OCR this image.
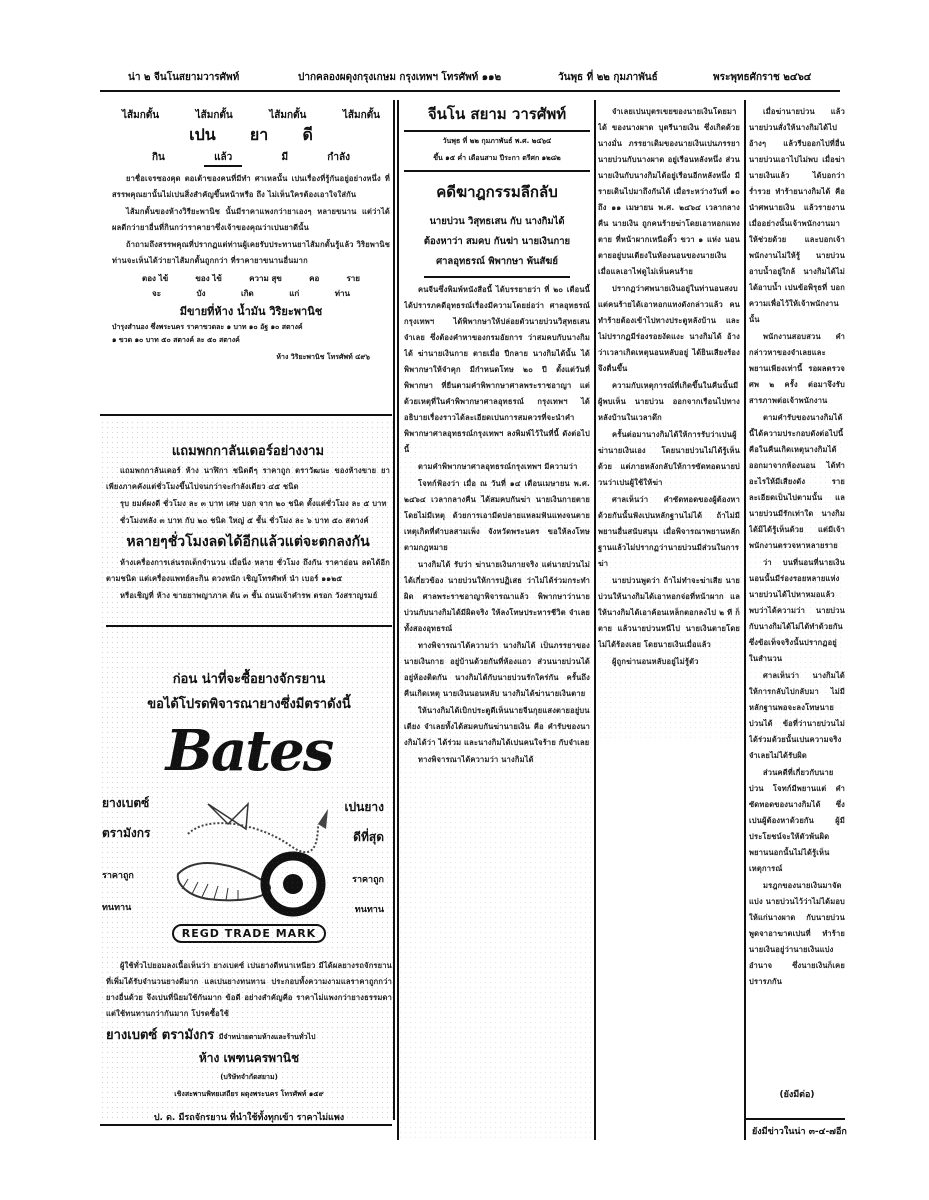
น่า ๒ จีนโนสยามวารศัพท์	ปากคลองผดุงกรุงเกษม กรุงเทพฯ โทรศัพท์ ๑๑๒	วันพุธ ที่ ๒๒ กุมภาพันธ์	พระพุทธศักราช ๒๔๖๔
ไส้มกตั้น	ไส้มกตั้น	ไส้มกตั้น	ไส้มกตั้น
เปน ยา ดี
กิน	แล้ว	มี	กำลัง

ยาชื่อเจรซองคุด ตอเต้าของคนที่มีทำ ศาเหลนั้น เปนเรื่องที่รู้กันอยู่อย่างหนึ่ง ที่สรรพคุณยานั้นไม่เปนสิ่งสำคัญขึ้นหน้าหรือ ถึง ไม่เห็นใครต้องเอาใจใส่กัน

ไส้มกตั้นของห้างวิรียะพานิช นั้นมีราคาแพงกว่ายาเองๆ หลายขนาน แต่ว่าได้ผลดีกว่ายาอื่นที่กินกว่าราคายาซึ่งเจ้าของคุณว่าเปนยาดีนั้น

ถ้าถามถึงสรรพคุณที่ปรากฏแต่ท่านผู้เคยรับประทานยาไส้มกตั้นรู้แล้ว วิริยพานิช ท่านจะเห็นได้ว่ายาไส้มกตั้นถูกกว่า ที่ราคายาขนานอื่นมาก

ตอง ไข้	ของ ไข้	ความ สุข	คอ	ราย
จะ	บัง	เกิด	แก่	ท่าน
มีขายที่ห้าง น้ำมัน วิริยะพานิช
บำรุงสำนอง ซึ่งพระนคร ราคาขวดละ ๑ บาท ๑๐ อัฐ ๑๐ สตางค์
๑ ขวด ๑๐ บาท ๕๐ สตางค์ ละ ๕๐ สตางค์
ห้าง วิริยะพานิช โทรศัพท์ ๔๙๖
แถมพกกาลันเดอร์อย่างงาม

แถมพกกาลันเดอร์ ห้าง นาฬิกา ชนิดดีๆ ราคาถูก ตราวัฒนะ ของห้างขาย ยาเพียงภาคคังแต่ชั่วโมงขึ้นไปจนกว่าจะกำลังเดียว ๔๕ ชนิด

รุบ ยมต์ผงดี ชั่วโมง ละ ๓ บาท เศษ บอก จาก ๒๐ ชนิด ตั้งแต่ชั่วโมง ละ ๕ บาท

ชั่วโมงหลัง ๓ บาท กับ ๒๐ ชนิด ใหญ่ ๕ ชั้น ชั่วโมง ละ ๖ บาท ๕๐ สตางค์

หลายๆชั่วโมงลดได้อีกแล้วแต่จะตกลงกัน

ห้างเครื่องการเล่นรถเด็กจำนวน เมื่อนิ่ง หลาย ชั่วโมง ถึงกัน ราคาอ่อน ลดได้อีกตามชนิด แต่เครื่องแพทย์ละกิน ดวงหนัก เชิญโทรศัพท์ นำ เบอร์ ๑๑๒๕

หรือเชิญที่ ห้าง ขายยาพญาภาค ต้น ๓ ชั้น ถนนเจ้าคำรพ ตรอก วังสราญรมย์

ก่อน น่าที่จะซื้อยางจักรยาน
ขอได้โปรดพิจารณายางซึ่งมีตราดังนี้
Bates
ยางเบตซ์
ตรามังกร
ราคาถูก
ทนทาน
เปนยาง
ดีที่สุด
ราคาถูก
ทนทาน
REGD TRADE MARK

ผู้ใช้ทั่วไปยอมลงเนื้อเห็นว่า ยางเบตซ์ เปนยางดีหนาเหนียว มีได้ผลยางรถจักรยานที่เพิ่มได้รับจำนวนยางดีมาก แลเปนยางทนทาน ประกอบทั้งความงามแลราคาถูกกว่ายางอื่นด้วย จึงเปนที่นิยมใช้กันมาก ข้อดี อย่างสำคัญคือ ราคาไม่แพงกว่ายางธรรมดา แต่ใช้ทนทานกว่ากันมาก โปรดซื้อใช้

ยางเบตซ์ ตรามังกร มีจำหน่ายตามห้างและร้านทั่วไป
ห้าง เพฑนครพานิช
(บริษัทจำกัดสยาม)
เชิงสะพานพิทยเสถียร ผดุงพระนคร โทรศัพท์ ๑๕๙
ป. ด. มีรถจักรยาน ที่นำใช้ทั้งทุกเข้า ราคาไม่แพง
จีนโน สยาม วารศัพท์
วันพุธ ที่ ๒๒ กุมภาพันธ์ พ.ศ. ๒๔๖๔
ขึ้น ๑๕ ค่ำ เดือนสาม ปีระกา ตรีศก ๑๒๘๒
คดีฆาฎกรรมลึกลับ
นายบ่วน วิสุทธเสน กับ นางกิมได้
ต้องหาว่า สมคบ กันฆ่า นายเงินกาย
ศาลอุทธรณ์ พิพากษา พ้นสัฆย์

คนจีนซึ่งพิมพ์หนังสือนี้ ได้บรรยายว่า ที่ ๒๐ เดือนนี้ ได้ปรารภคดีอุทธรณ์เรื่องมีความโดยย่อว่า ศาลอุทธรณ์กรุงเทพฯ ได้พิพากษาให้ปล่อยตัวนายบ่วนวิสุทธเสน จำเลย ซึ่งต้องคำหาของกรมอัยการ ว่าสมคบกับนางกิมได้ ฆ่านายเงินกาย ตายเมื่อ ปีกลาย นางกิมได้นั้น ได้พิพากษาให้จำคุก มีกำหนดโทษ ๒๐ ปี ตั้งแต่วันที่พิพากษา ที่ยืนตามคำพิพากษาศาลพระราชอาญา แต่ด้วยเหตุที่ในคำพิพากษาศาลอุทธรณ์ กรุงเทพฯ ได้อธิบายเรื่องราวได้ละเอียดเปนการสมควรที่จะนำคำพิพากษาศาลอุทธรณ์กรุงเทพฯ ลงพิมพ์ไว้ในที่นี้ ดังต่อไปนี้

ตามคำพิพากษาศาลอุทธรณ์กรุงเทพฯ มีความว่า

โจทก์ฟ้องว่า เมื่อ ณ วันที่ ๑๔ เดือนเมษายน พ.ศ. ๒๔๖๔ เวลากลางคืน ได้สมคบกันฆ่า นายเงินกายตายโดยไม่มีเหตุ ด้วยการเอามีดปลายแหลมฟันแทงจนตาย เหตุเกิดที่ตำบลสามเพ็ง จังหวัดพระนคร ขอให้ลงโทษตามกฎหมาย

นางกิมได้ รับว่า ฆ่านายเงินกายจริง แต่นายบ่วนไม่ได้เกี่ยวข้อง นายบ่วนให้การปฏิเสธ ว่าไม่ได้ร่วมกระทำผิด ศาลพระราชอาญาพิจารณาแล้ว พิพากษาว่านายบ่วนกับนางกิมได้มีผิดจริง ให้ลงโทษประหารชีวิต จำเลยทั้งสองอุทธรณ์

ทางพิจารณาได้ความว่า นางกิมได้ เป็นภรรยาของนายเงินกาย อยู่บ้านด้วยกันที่ห้องแถว ส่วนนายบ่วนได้อยู่ห้องติดกัน นางกิมได้กับนายบ่วนรักใคร่กัน ครั้นถึงคืนเกิดเหตุ นายเงินนอนหลับ นางกิมได้ฆ่านายเงินตาย

ให้นางกิมได้เบิกประตูดีเห็นนายจีนกุยแสงตายอยู่บนเตียง จำเลยทั้งได้สมคบกันฆ่านายเงิน คือ คำรับของนางกิมได้ว่า ได้ร่วม และนางกิมได้เปนคนใจร้าย กับจำเลย

ทางพิจารณาได้ความว่า นางกิมได้

จำเลยเปนบุตรเขยของนายเงินโดยมาได้ ของนางผาด บุตรีนายเงิน ซึ่งเกิดด้วยนางมั่น ภรรยาเดิมของนายเงินเปนภรรยา นายบ่วนกับนางผาด อยู่เรือนหลังหนึ่ง ส่วนนายเงินกับนางกิมได้อยู่เรือนอีกหลังหนึ่ง มีรายเดินไปมาถึงกันได้ เมื่อระหว่างวันที่ ๑๐ ถึง ๑๑ เมษายน พ.ศ. ๒๔๖๔ เวลากลางคืน นายเงิน ถูกคนร้ายฆ่าโดยเอาหอกแทงตาย ที่หน้าผากเหนือคิ้ว ขวา ๑ แห่ง นอนตายอยู่บนเตียงในห้องนอนของนายเงิน เมื่อแลเอาไฟดูไม่เห็นคนร้าย

ปรากฏว่าศพนายเงินอยู่ในท่านอนสงบ แต่คนร้ายได้เอาหอกแทงดังกล่าวแล้ว คนทำร้ายต้องเข้าไปทางประตูหลังบ้าน และไม่ปรากฏมีร่องรอยงัดแงะ นางกิมได้ อ้างว่าเวลาเกิดเหตุนอนหลับอยู่ ได้ยินเสียงร้องจึงตื่นขึ้น

ความกับเหตุการณ์ที่เกิดขึ้นในคืนนั้นมีผู้พบเห็น นายบ่วน ออกจากเรือนไปทางหลังบ้านในเวลาดึก

ครั้นต่อมานางกิมได้ให้การรับว่าเปนผู้ฆ่านายเงินเอง โดยนายบ่วนไม่ได้รู้เห็นด้วย แต่ภายหลังกลับให้การซัดทอดนายบ่วนว่าเปนผู้ใช้ให้ฆ่า

ศาลเห็นว่า คำซัดทอดของผู้ต้องหาด้วยกันนั้นฟังเปนหลักฐานไม่ได้ ถ้าไม่มีพยานอื่นสนับสนุน เมื่อพิจารณาพยานหลักฐานแล้วไม่ปรากฏว่านายบ่วนมีส่วนในการฆ่า

นายบ่วนพูดว่า ถ้าไม่ทำจะฆ่าเสีย นายบ่วนให้นางกิมได้เอาหอกจ่อที่หน้าผาก แลให้นางกิมได้เอาค้อนเหล็กตอกลงไป ๒ ที ก็ตาย แล้วนายบ่วนหนีไป นายเงินตายโดยไม่ได้ร้องเลย โดยนายเงินเมื่อแล้ว

ผู้ถูกฆ่านอนหลับอยู่ไม่รู้ตัว

เมื่อฆ่านายบ่วน แล้วนายบ่วนสั่งให้นางกิมได้ไปอ้างๆ แล้วรีบออกไปที่อื่น นายบ่วนเอาไปไม่พบ เมื่อฆ่านายเงินแล้ว ได้บอกว่า ร่ำรวย ทำร้ายนางกิมได้ คือนำศพนายเงิน แล้วรายงาน เมื่ออย่างนั้นเจ้าพนักงานมาให้ช่วยด้วย และบอกเจ้าพนักงานไม่ให้รู้ นายบ่วนอาบน้ำอยู่ใกล้ นางกิมได้ไม่ได้อาบน้ำ เปนข้อพิรุธที่ บอกความเพื่อไว้ให้เจ้าพนักงานนั้น

พนักงานสอบสวน คำกล่าวหาของจำเลยและพยานเพียงเท่านี้ รอผลตรวจศพ ๒ ครั้ง ต่อมาจึงรับสารภาพต่อเจ้าพนักงาน

ตามคำรับของนางกิมได้ นี้ได้ความประกอบดังต่อไปนี้ คือในคืนเกิดเหตุนางกิมได้ออกมาจากห้องนอน ได้ทำอะไรให้มีเสียงดัง รายละเอียดเป็นไปตามนั้น แลนายบ่วนมีรักเท่าใด นางกิมได้มิได้รู้เห็นด้วย แต่มีเจ้าพนักงานตรวจหาหลายราย

ว่า บนที่นอนที่นายเงินนอนนั้นมีร่องรอยหลายแห่ง นายบ่วนได้ไปหาหมอแล้ว พบว่าได้ความว่า นายบ่วนกับนางกิมได้ไม่ได้ทำด้วยกัน ซึ่งข้อเท็จจริงนั้นปรากฏอยู่ในสำนวน

ศาลเห็นว่า นางกิมได้ให้การกลับไปกลับมา ไม่มีหลักฐานพอจะลงโทษนายบ่วนได้ ข้อที่ว่านายบ่วนไม่ได้ร่วมด้วยนั้นเปนความจริง จำเลยไม่ได้รับผิด

ส่วนคดีที่เกี่ยวกับนายบ่วน โจทก์มีพยานแต่ คำซัดทอดของนางกิมได้ ซึ่งเปนผู้ต้องหาด้วยกัน ผู้มีประโยชน์จะให้ตัวพ้นผิด พยานนอกนั้นไม่ได้รู้เห็นเหตุการณ์

มรฎกของนายเงินมาจัดแบ่ง นายบ่วนไว้ว่าไม่ได้มอบให้แก่นางผาด กับนายบ่วนพูดจาอาฆาตเปนที่ ทำร้ายนายเงินอยู่ว่านายเงินแบ่ง อำนาจ ซึ่งนายเงินก็เคยปรารภกัน

(ยังมีต่อ)
ยังมีข่าวในน่า ๓-๔-๗อีก
